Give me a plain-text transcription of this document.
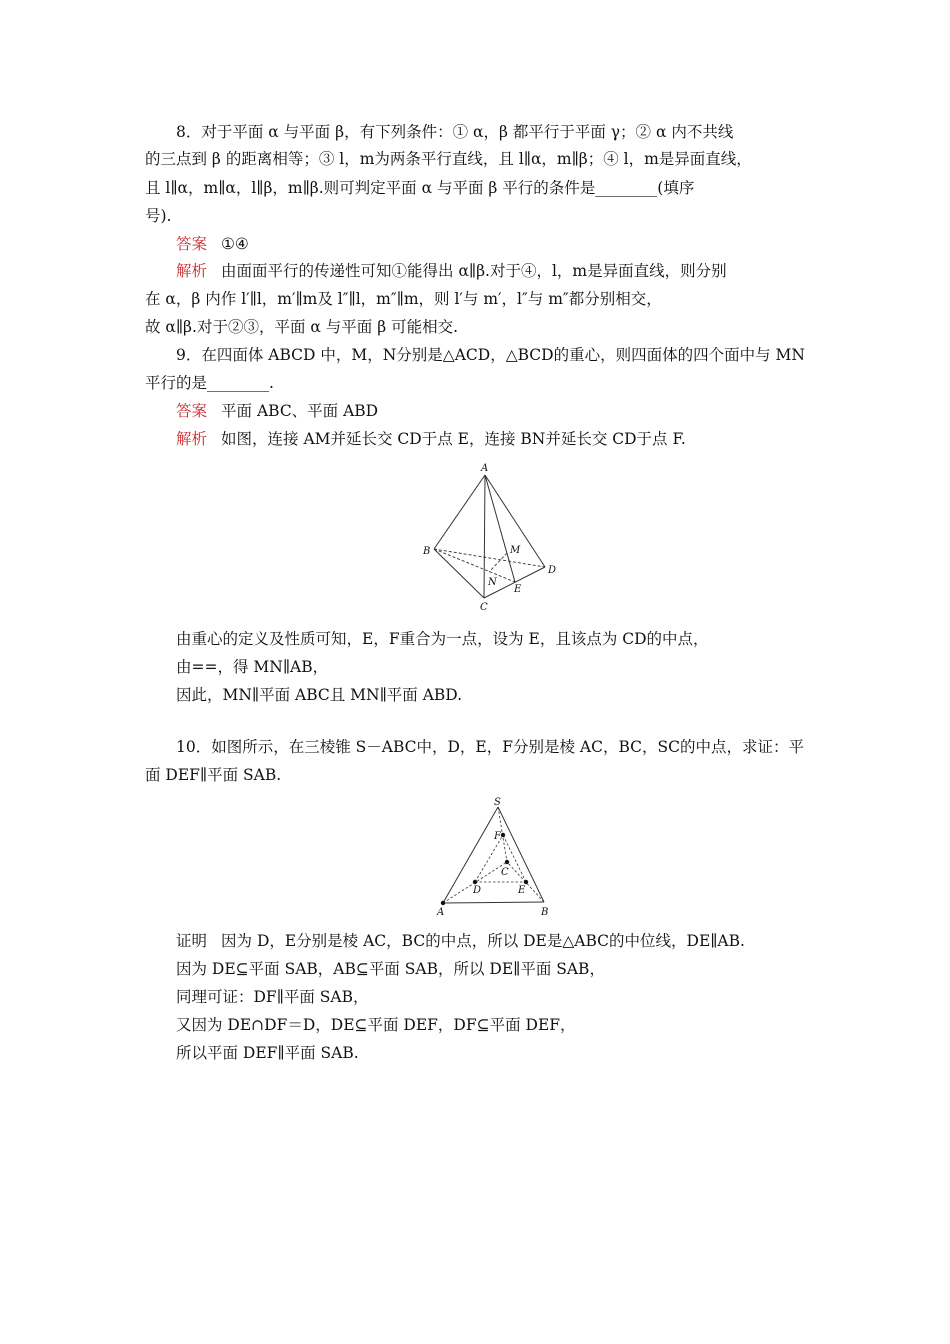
8．对于平面 α 与平面 β，有下列条件：① α，β 都平行于平面 γ；② α 内不共线
的三点到 β 的距离相等；③ l，m为两条平行直线，且 l∥α，m∥β；④ l，m是异面直线，
且 l∥α，m∥α，l∥β，m∥β.则可判定平面 α 与平面 β 平行的条件是________(填序
号).
答案 ①④
解析 由面面平行的传递性可知①能得出 α∥β.对于④，l，m是异面直线，则分别
在 α，β 内作 l′∥l，m′∥m及 l″∥l，m″∥m，则 l′与 m′，l″与 m″都分别相交，
故 α∥β.对于②③，平面 α 与平面 β 可能相交.
9．在四面体 ABCD 中，M，N分别是△ACD，△BCD的重心，则四面体的四个面中与 MN
平行的是________.
答案 平面 ABC、平面 ABD
解析 如图，连接 AM并延长交 CD于点 E，连接 BN并延长交 CD于点 F.
A
B
C
D
M
N
E
由重心的定义及性质可知，E，F重合为一点，设为 E，且该点为 CD的中点，
由==，得 MN∥AB，
因此，MN∥平面 ABC且 MN∥平面 ABD.
10．如图所示，在三棱锥 S－ABC中，D，E，F分别是棱 AC，BC，SC的中点，求证：平
面 DEF∥平面 SAB.
S
F
C
D	E
A	B
证明 因为 D，E分别是棱 AC，BC的中点，所以 DE是△ABC的中位线，DE∥AB.
因为 DE⊆平面 SAB，AB⊆平面 SAB，所以 DE∥平面 SAB，
同理可证：DF∥平面 SAB，
又因为 DE∩DF＝D，DE⊆平面 DEF，DF⊆平面 DEF，
所以平面 DEF∥平面 SAB.
